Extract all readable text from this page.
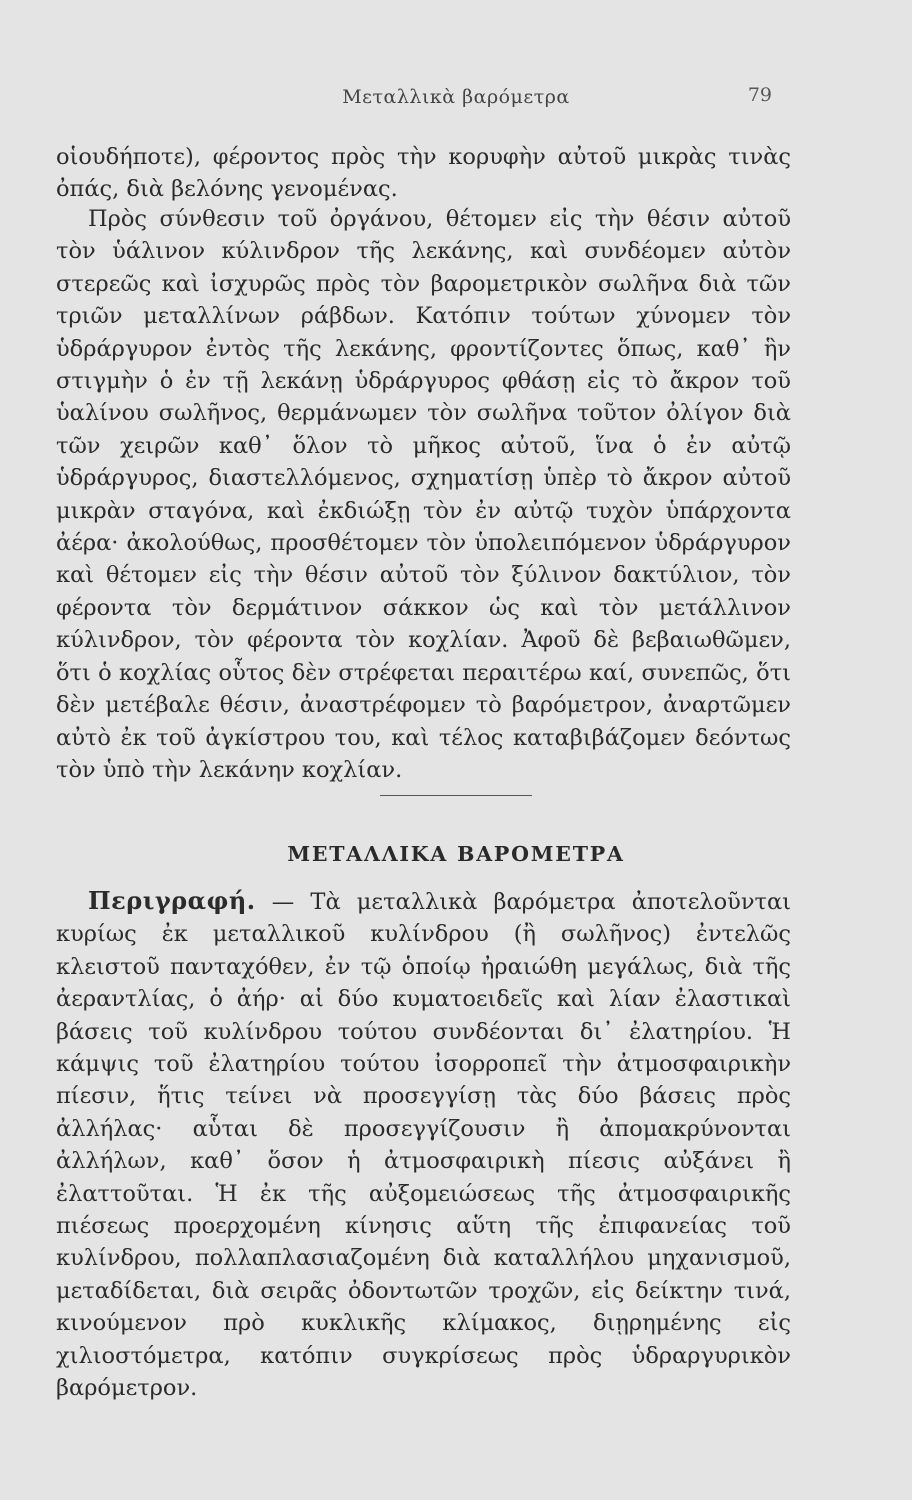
Μεταλλικὰ βαρόμετρα	79

οἱουδήποτε), φέροντος πρὸς τὴν κορυφὴν αὐτοῦ μικρὰς τινὰς ὀπάς, διὰ βελόνης γενομένας.

Πρὸς σύνθεσιν τοῦ ὀργάνου, θέτομεν εἰς τὴν θέσιν αὐτοῦ τὸν ὑάλινον κύλινδρον τῆς λεκάνης, καὶ συνδέομεν αὐτὸν στερεῶς καὶ ἰσχυρῶς πρὸς τὸν βαρομετρικὸν σωλῆνα διὰ τῶν τριῶν μεταλλίνων ράβδων. Κατόπιν τούτων χύνομεν τὸν ὑδράργυρον ἐντὸς τῆς λεκάνης, φροντίζοντες ὅπως, καθ᾽ ἣν στιγμὴν ὁ ἐν τῇ λεκάνῃ ὑδράργυρος φθάσῃ εἰς τὸ ἄκρον τοῦ ὑαλίνου σωλῆνος, θερμάνωμεν τὸν σωλῆνα τοῦτον ὀλίγον διὰ τῶν χειρῶν καθ᾽ ὅλον τὸ μῆκος αὐτοῦ, ἵνα ὁ ἐν αὐτῷ ὑδράργυρος, διαστελλόμενος, σχηματίσῃ ὑπὲρ τὸ ἄκρον αὐτοῦ μικρὰν σταγόνα, καὶ ἐκδιώξῃ τὸν ἐν αὐτῷ τυχὸν ὑπάρχοντα ἀέρα· ἀκολούθως, προσθέτομεν τὸν ὑπολειπόμενον ὑδράργυρον καὶ θέτομεν εἰς τὴν θέσιν αὐτοῦ τὸν ξύλινον δακτύλιον, τὸν φέροντα τὸν δερμάτινον σάκκον ὡς καὶ τὸν μετάλλινον κύλινδρον, τὸν φέροντα τὸν κοχλίαν. Ἀφοῦ δὲ βεβαιωθῶμεν, ὅτι ὁ κοχλίας οὗτος δὲν στρέφεται περαιτέρω καί, συνεπῶς, ὅτι δὲν μετέβαλε θέσιν, ἀναστρέφομεν τὸ βαρόμετρον, ἀναρτῶμεν αὐτὸ ἐκ τοῦ ἀγκίστρου του, καὶ τέλος καταβιβάζομεν δεόντως τὸν ὑπὸ τὴν λεκάνην κοχλίαν.

ΜΕΤΑΛΛΙΚΑ ΒΑΡΟΜΕΤΡΑ

Περιγραφή. — Τὰ μεταλλικὰ βαρόμετρα ἀποτελοῦνται κυρίως ἐκ μεταλλικοῦ κυλίνδρου (ἢ σωλῆνος) ἐντελῶς κλειστοῦ πανταχόθεν, ἐν τῷ ὁποίῳ ἠραιώθη μεγάλως, διὰ τῆς ἀεραντλίας, ὁ ἀήρ· αἱ δύο κυματοειδεῖς καὶ λίαν ἐλαστικαὶ βάσεις τοῦ κυλίνδρου τούτου συνδέονται δι᾽ ἐλατηρίου. Ἡ κάμψις τοῦ ἐλατηρίου τούτου ἰσορροπεῖ τὴν ἀτμοσφαιρικὴν πίεσιν, ἥτις τείνει νὰ προσεγγίσῃ τὰς δύο βάσεις πρὸς ἀλλήλας· αὗται δὲ προσεγγίζουσιν ἢ ἀπομακρύνονται ἀλλήλων, καθ᾽ ὅσον ἡ ἀτμοσφαιρικὴ πίεσις αὐξάνει ἢ ἐλαττοῦται. Ἡ ἐκ τῆς αὐξομειώσεως τῆς ἀτμοσφαιρικῆς πιέσεως προερχομένη κίνησις αὕτη τῆς ἐπιφανείας τοῦ κυλίνδρου, πολλαπλασιαζομένη διὰ καταλλήλου μηχανισμοῦ, μεταδίδεται, διὰ σειρᾶς ὀδοντωτῶν τροχῶν, εἰς δείκτην τινά, κινούμενον πρὸ κυκλικῆς κλίμακος, διῃρημένης εἰς χιλιοστόμετρα, κατόπιν συγκρίσεως πρὸς ὑδραργυρικὸν βαρόμετρον.
